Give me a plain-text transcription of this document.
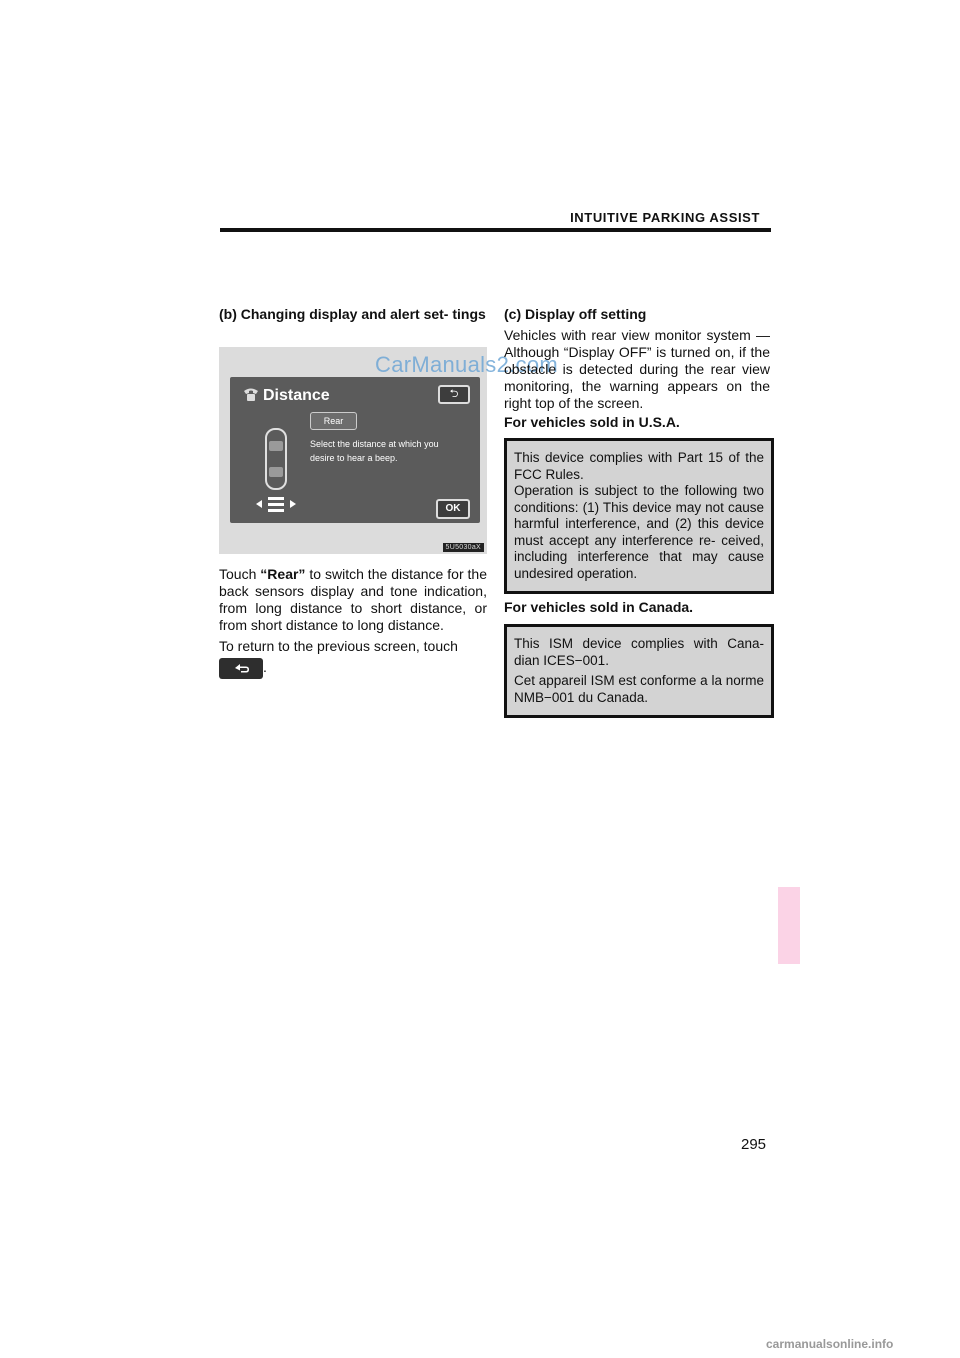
INTUITIVE PARKING ASSIST
(b) Changing display and alert set- tings
Distance	⮌
Rear
Select the distance at which you desire to hear a beep.
OK
5U5030aX
CarManuals2.com
Touch “Rear” to switch the distance for the back sensors display and tone indication, from long distance to short distance, or from short distance to long distance.
To return to the previous screen, touch
.
(c) Display off setting
Vehicles with rear view monitor system — Although “Display OFF” is turned on, if the obstacle is detected during the rear view monitoring, the warning appears on the right top of the screen.
For vehicles sold in U.S.A.

This device complies with Part 15 of the FCC Rules.

Operation is subject to the following two conditions: (1) This device may not cause harmful interference, and (2) this device must accept any interference re- ceived, including interference that may cause undesired operation.

For vehicles sold in Canada.

This ISM device complies with Cana- dian ICES−001.

Cet appareil ISM est conforme a la norme NMB−001 du Canada.

295
carmanualsonline.info
